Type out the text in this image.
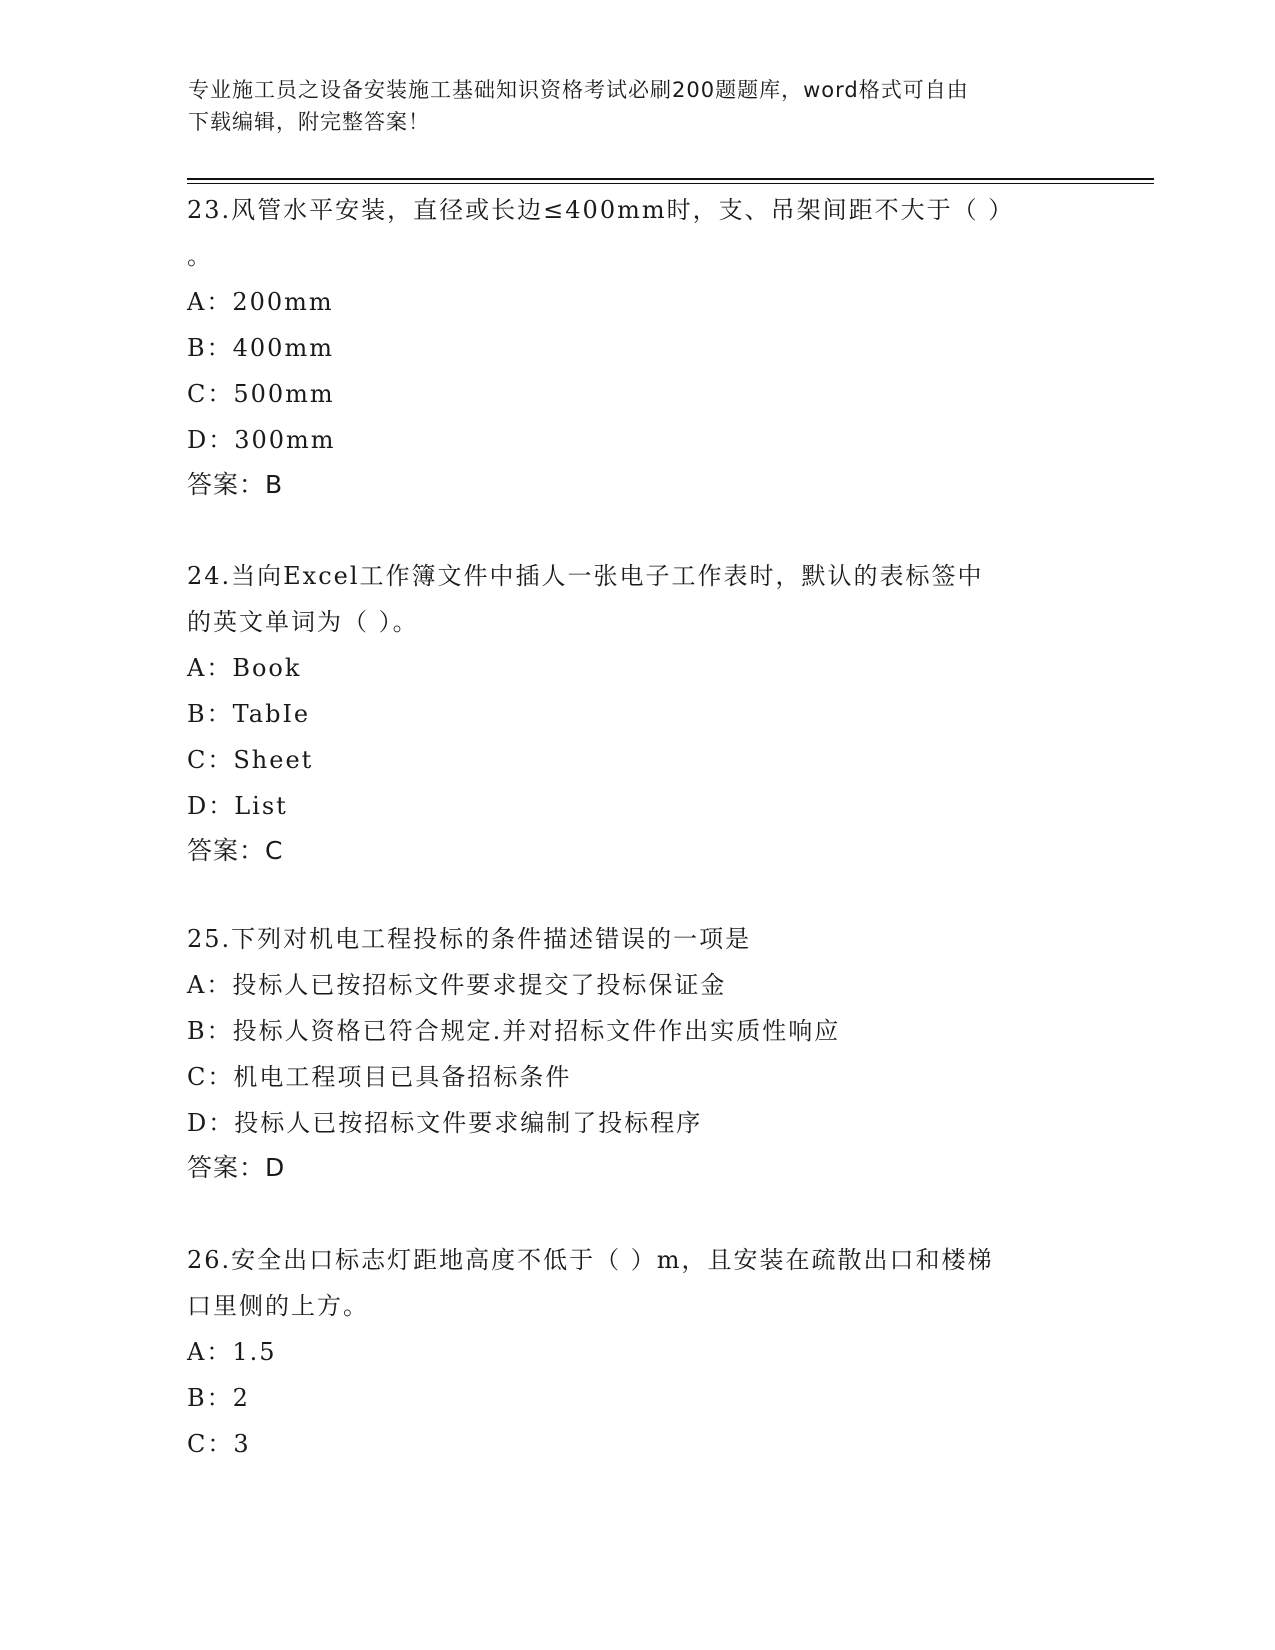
专业施工员之设备安装施工基础知识资格考试必刷200题题库，word格式可自由
下载编辑，附完整答案！
23.风管水平安装，直径或长边≤400mm时，支、吊架间距不大于（ ）
。
A：200mm
B：400mm
C：500mm
D：300mm
答案：B
24.当向Excel工作簿文件中插人一张电子工作表时，默认的表标签中
的英文单词为（ ）。
A：Book
B：TabIe
C：Sheet
D：List
答案：C
25.下列对机电工程投标的条件描述错误的一项是
A：投标人已按招标文件要求提交了投标保证金
B：投标人资格已符合规定.并对招标文件作出实质性响应
C：机电工程项目已具备招标条件
D：投标人已按招标文件要求编制了投标程序
答案：D
26.安全出口标志灯距地高度不低于（ ）m，且安装在疏散出口和楼梯
口里侧的上方。
A：1.5
B：2
C：3
